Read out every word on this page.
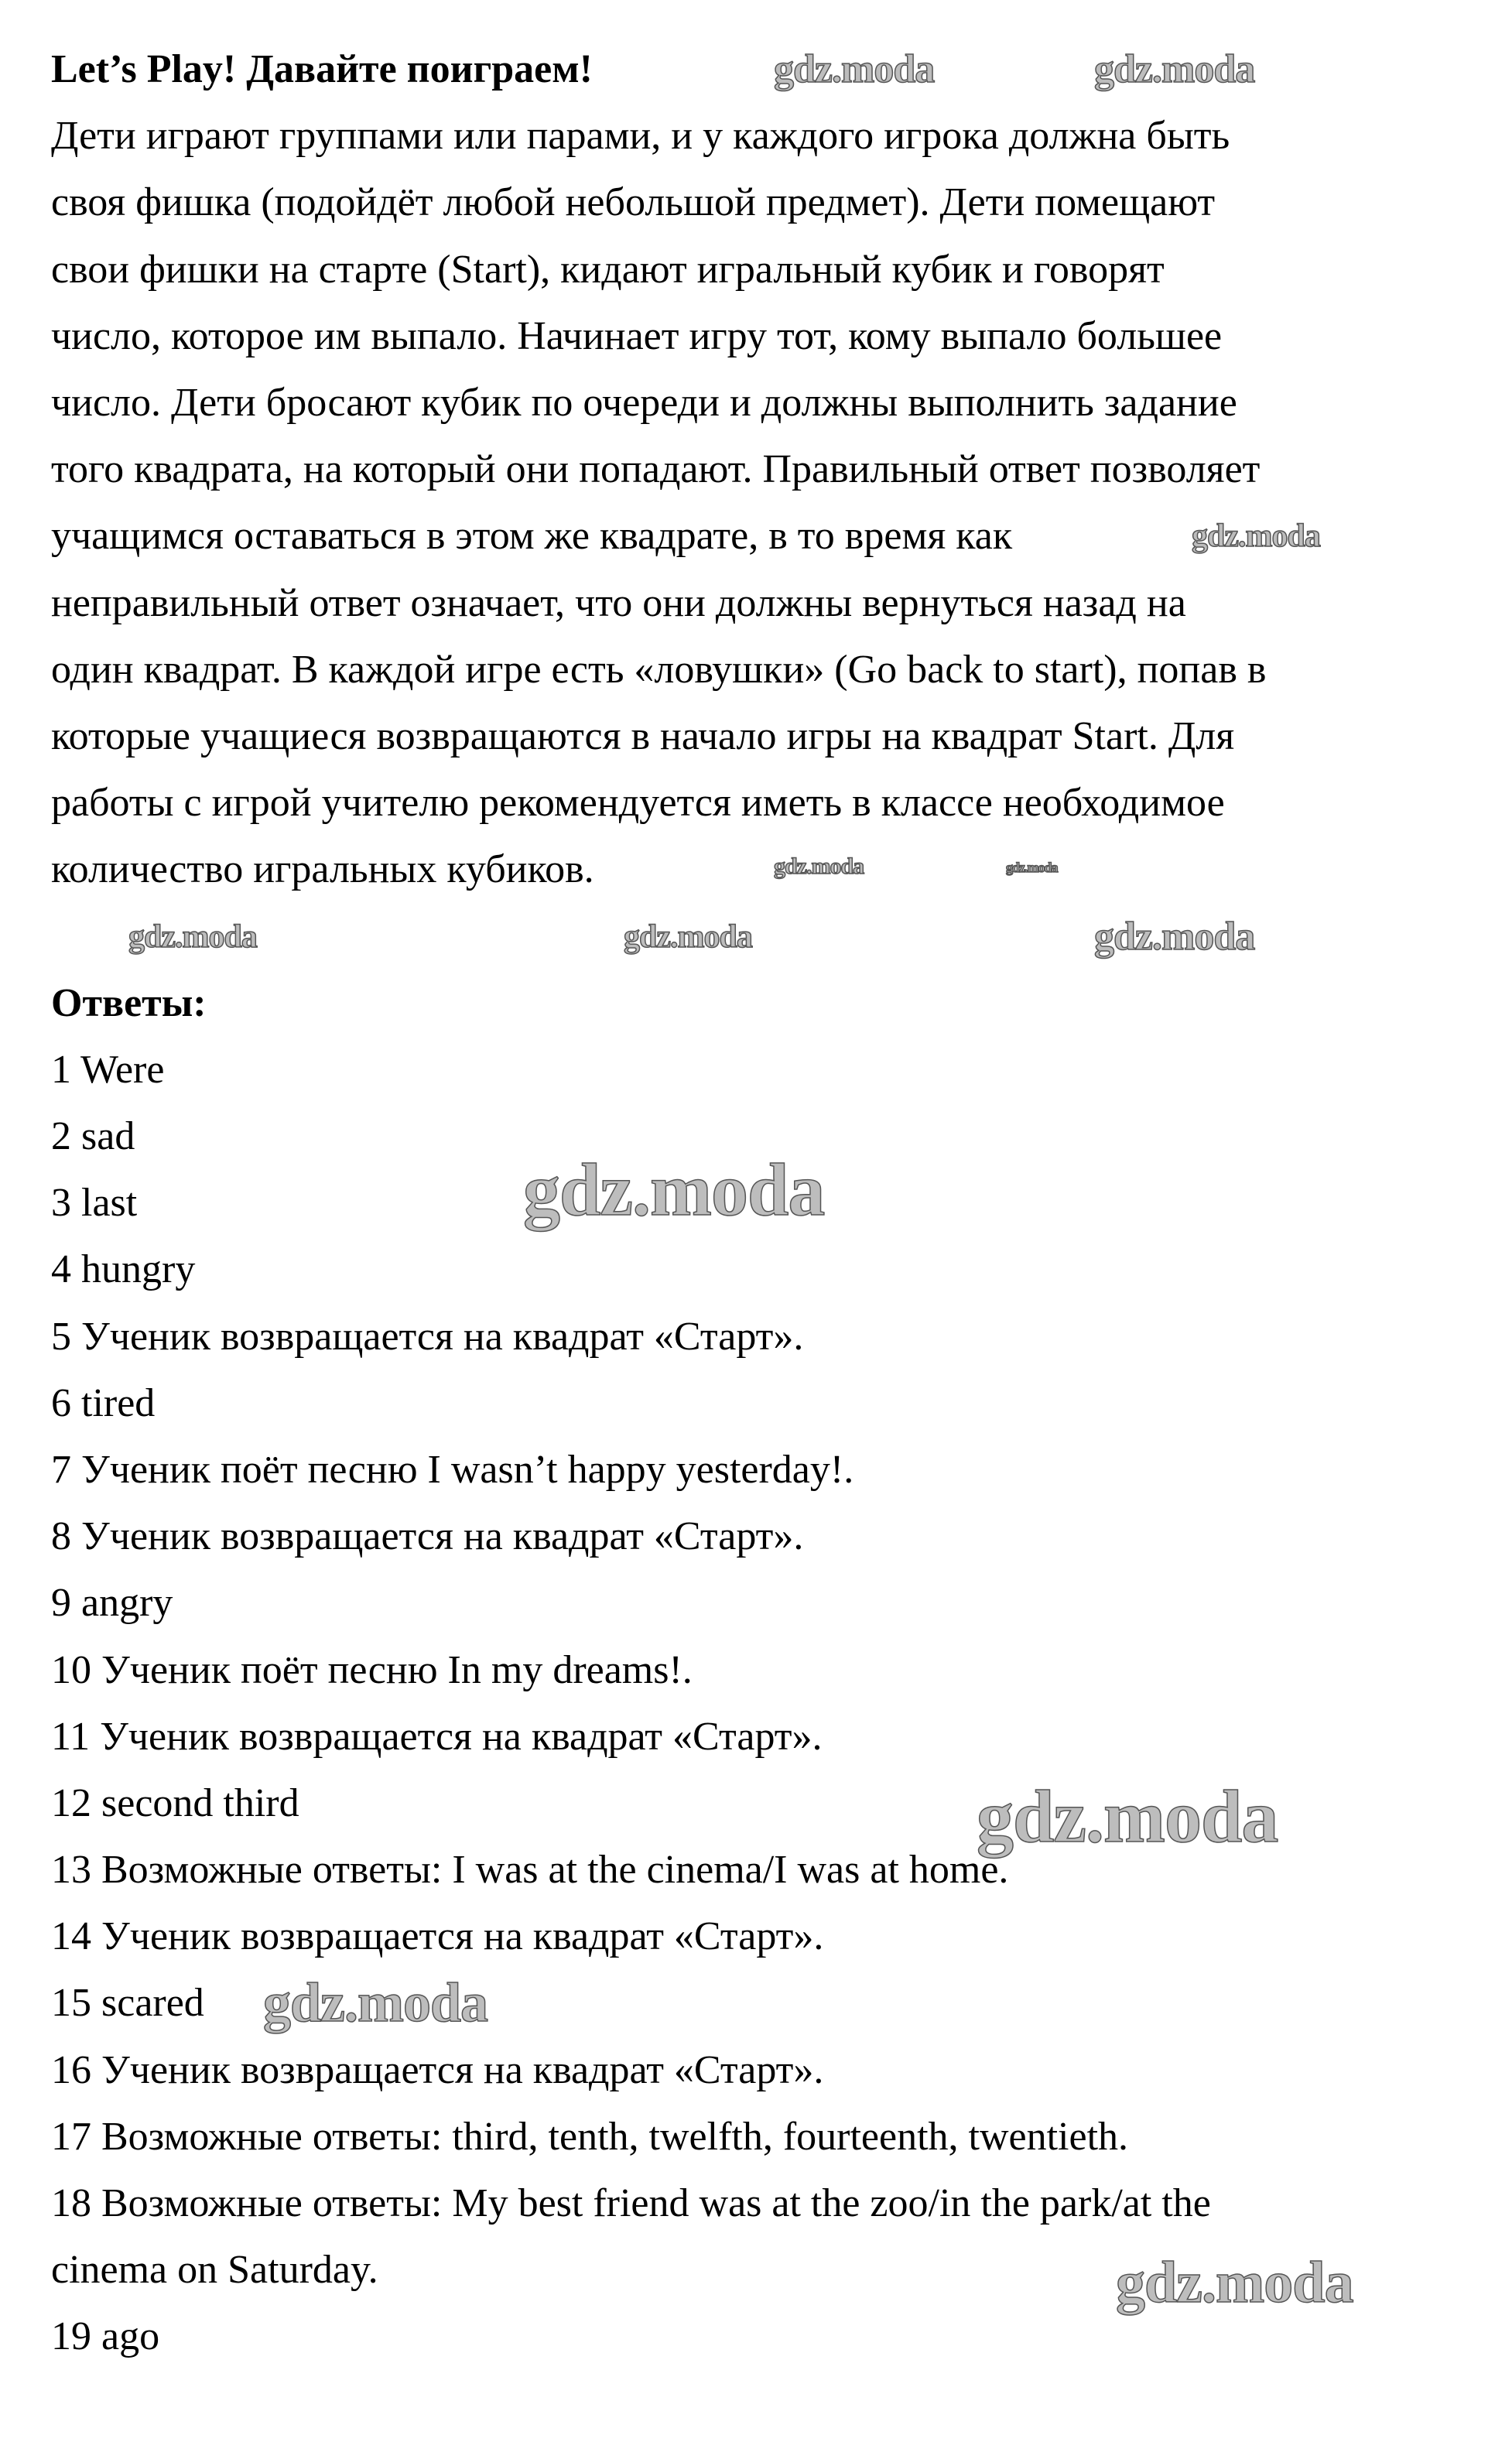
Let’s Play! Давайте поиграем!
Дети играют группами или парами, и у каждого игрока должна быть
своя фишка (подойдёт любой небольшой предмет). Дети помещают
свои фишки на старте (Start), кидают игральный кубик и говорят
число, которое им выпало. Начинает игру тот, кому выпало большее
число. Дети бросают кубик по очереди и должны выполнить задание
того квадрата, на который они попадают. Правильный ответ позволяет
учащимся оставаться в этом же квадрате, в то время как
неправильный ответ означает, что они должны вернуться назад на
один квадрат. В каждой игре есть «ловушки» (Go back to start), попав в
которые учащиеся возвращаются в начало игры на квадрат Start. Для
работы с игрой учителю рекомендуется иметь в классе необходимое
количество игральных кубиков.
Ответы:
1 Were
2 sad
3 last
4 hungry
5 Ученик возвращается на квадрат «Старт».
6 tired
7 Ученик поёт песню I wasn’t happy yesterday!.
8 Ученик возвращается на квадрат «Старт».
9 angry
10 Ученик поёт песню In my dreams!.
11 Ученик возвращается на квадрат «Старт».
12 second third
13 Возможные ответы: I was at the cinema/I was at home.
14 Ученик возвращается на квадрат «Старт».
15 scared
16 Ученик возвращается на квадрат «Старт».
17 Возможные ответы: third, tenth, twelfth, fourteenth, twentieth.
18 Возможные ответы: My best friend was at the zoo/in the park/at the
cinema on Saturday.
19 ago
gdz.moda	gdz.moda
gdz.moda
gdz.moda	gdz.moda
gdz.moda
gdz.moda	gdz.moda
gdz.moda
gdz.moda
gdz.moda
gdz.moda
